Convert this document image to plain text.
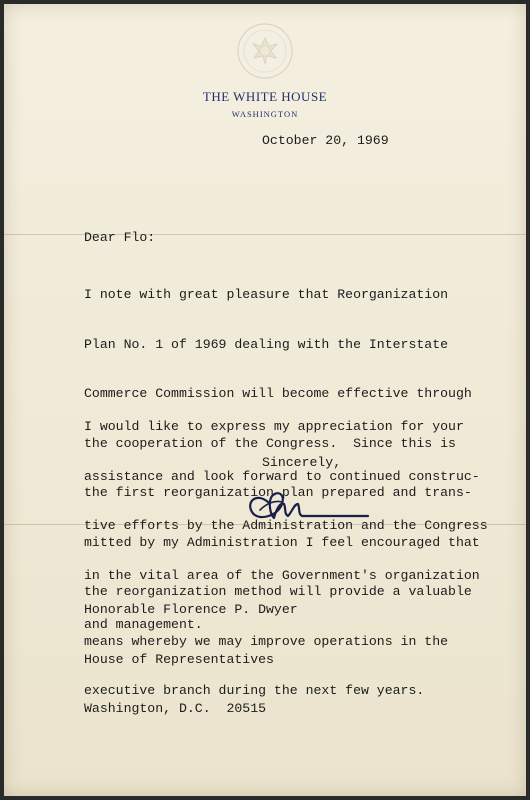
THE WHITE HOUSE
WASHINGTON
October 20, 1969
Dear Flo:

I note with great pleasure that Reorganization

Plan No. 1 of 1969 dealing with the Interstate

Commerce Commission will become effective through

the cooperation of the Congress.  Since this is

the first reorganization plan prepared and trans-

mitted by my Administration I feel encouraged that

the reorganization method will provide a valuable

means whereby we may improve operations in the

executive branch during the next few years.

I would like to express my appreciation for your

assistance and look forward to continued construc-

tive efforts by the Administration and the Congress

in the vital area of the Government's organization

and management.

Sincerely,

Honorable Florence P. Dwyer

House of Representatives

Washington, D.C.  20515
